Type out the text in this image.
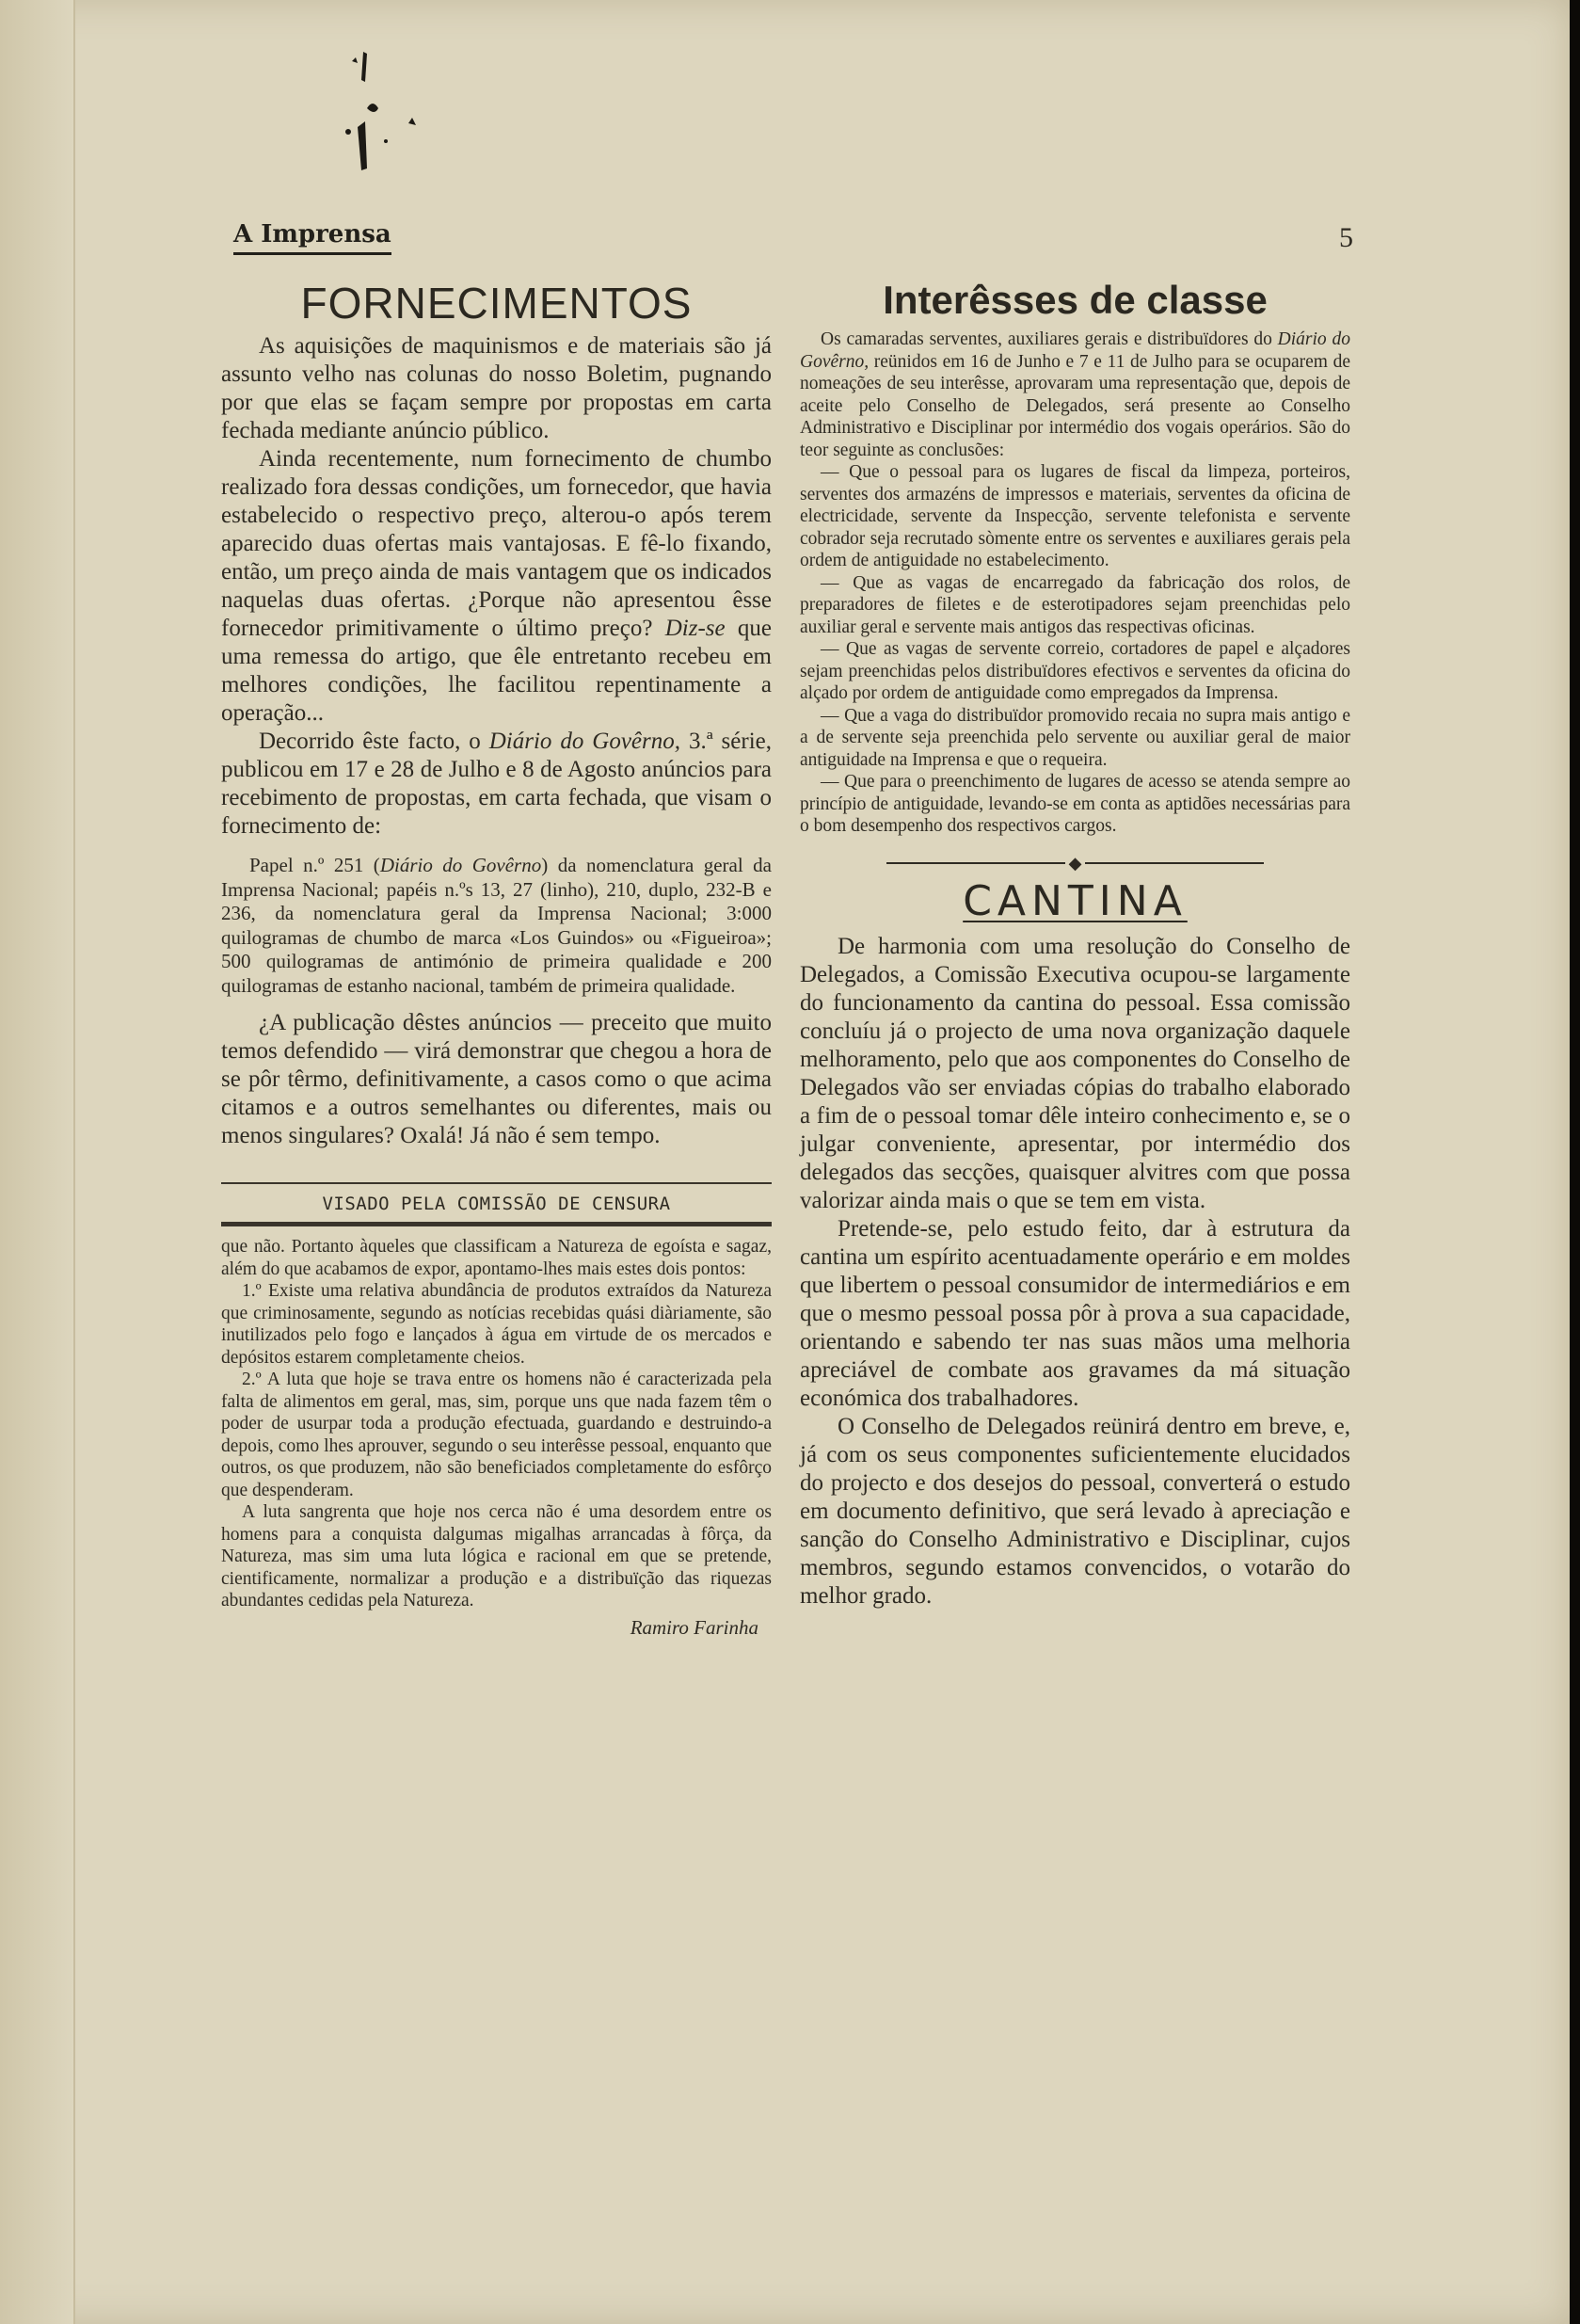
A Imprensa	5
FORNECIMENTOS

As aquisições de maquinismos e de materiais são já assunto velho nas colunas do nosso Boletim, pugnando por que elas se façam sempre por propostas em carta fechada mediante anúncio público.

Ainda recentemente, num fornecimento de chumbo realizado fora dessas condições, um fornecedor, que havia estabelecido o respectivo preço, alterou-o após terem aparecido duas ofertas mais vantajosas. E fê-lo fixando, então, um preço ainda de mais vantagem que os indicados naquelas duas ofertas. ¿Porque não apresentou êsse fornecedor primitivamente o último preço? Diz-se que uma remessa do artigo, que êle entretanto recebeu em melhores condições, lhe facilitou repentinamente a operação...

Decorrido êste facto, o Diário do Govêrno, 3.ª série, publicou em 17 e 28 de Julho e 8 de Agosto anúncios para recebimento de propostas, em carta fechada, que visam o fornecimento de:

Papel n.º 251 (Diário do Govêrno) da nomenclatura geral da Imprensa Nacional; papéis n.ºs 13, 27 (linho), 210, duplo, 232-B e 236, da nomenclatura geral da Imprensa Nacional; 3:000 quilogramas de chumbo de marca «Los Guindos» ou «Figueiroa»; 500 quilogramas de antimónio de primeira qualidade e 200 quilogramas de estanho nacional, também de primeira qualidade.

¿A publicação dêstes anúncios — preceito que muito temos defendido — virá demonstrar que chegou a hora de se pôr têrmo, definitivamente, a casos como o que acima citamos e a outros semelhantes ou diferentes, mais ou menos singulares? Oxalá! Já não é sem tempo.

VISADO PELA COMISSÃO DE CENSURA

que não. Portanto àqueles que classificam a Natureza de egoísta e sagaz, além do que acabamos de expor, apontamo-lhes mais estes dois pontos:

1.º Existe uma relativa abundância de produtos extraídos da Natureza que criminosamente, segundo as notícias recebidas quási diàriamente, são inutilizados pelo fogo e lançados à água em virtude de os mercados e depósitos estarem completamente cheios.

2.º A luta que hoje se trava entre os homens não é caracterizada pela falta de alimentos em geral, mas, sim, porque uns que nada fazem têm o poder de usurpar toda a produção efectuada, guardando e destruindo-a depois, como lhes aprouver, segundo o seu interêsse pessoal, enquanto que outros, os que produzem, não são beneficiados completamente do esfôrço que despenderam.

A luta sangrenta que hoje nos cerca não é uma desordem entre os homens para a conquista dalgumas migalhas arrancadas à fôrça, da Natureza, mas sim uma luta lógica e racional em que se pretende, cientificamente, normalizar a produção e a distribuïção das riquezas abundantes cedidas pela Natureza.

Ramiro Farinha
Interêsses de classe

Os camaradas serventes, auxiliares gerais e distribuïdores do Diário do Govêrno, reünidos em 16 de Junho e 7 e 11 de Julho para se ocuparem de nomeações de seu interêsse, aprovaram uma representação que, depois de aceite pelo Conselho de Delegados, será presente ao Conselho Administrativo e Disciplinar por intermédio dos vogais operários. São do teor seguinte as conclusões:

— Que o pessoal para os lugares de fiscal da limpeza, porteiros, serventes dos armazéns de impressos e materiais, serventes da oficina de electricidade, servente da Inspecção, servente telefonista e servente cobrador seja recrutado sòmente entre os serventes e auxiliares gerais pela ordem de antiguidade no estabelecimento.

— Que as vagas de encarregado da fabricação dos rolos, de preparadores de filetes e de esterotipadores sejam preenchidas pelo auxiliar geral e servente mais antigos das respectivas oficinas.

— Que as vagas de servente correio, cortadores de papel e alçadores sejam preenchidas pelos distribuïdores efectivos e serventes da oficina do alçado por ordem de antiguidade como empregados da Imprensa.

— Que a vaga do distribuïdor promovido recaia no supra mais antigo e a de servente seja preenchida pelo servente ou auxiliar geral de maior antiguidade na Imprensa e que o requeira.

— Que para o preenchimento de lugares de acesso se atenda sempre ao princípio de antiguidade, levando-se em conta as aptidões necessárias para o bom desempenho dos respectivos cargos.

◆
CANTINA

De harmonia com uma resolução do Conselho de Delegados, a Comissão Executiva ocupou-se largamente do funcionamento da cantina do pessoal. Essa comissão concluíu já o projecto de uma nova organização daquele melhoramento, pelo que aos componentes do Conselho de Delegados vão ser enviadas cópias do trabalho elaborado a fim de o pessoal tomar dêle inteiro conhecimento e, se o julgar conveniente, apresentar, por intermédio dos delegados das secções, quaisquer alvitres com que possa valorizar ainda mais o que se tem em vista.

Pretende-se, pelo estudo feito, dar à estrutura da cantina um espírito acentuadamente operário e em moldes que libertem o pessoal consumidor de intermediários e em que o mesmo pessoal possa pôr à prova a sua capacidade, orientando e sabendo ter nas suas mãos uma melhoria apreciável de combate aos gravames da má situação económica dos trabalhadores.

O Conselho de Delegados reünirá dentro em breve, e, já com os seus componentes suficientemente elucidados do projecto e dos desejos do pessoal, converterá o estudo em documento definitivo, que será levado à apreciação e sanção do Conselho Administrativo e Disciplinar, cujos membros, segundo estamos convencidos, o votarão do melhor grado.
